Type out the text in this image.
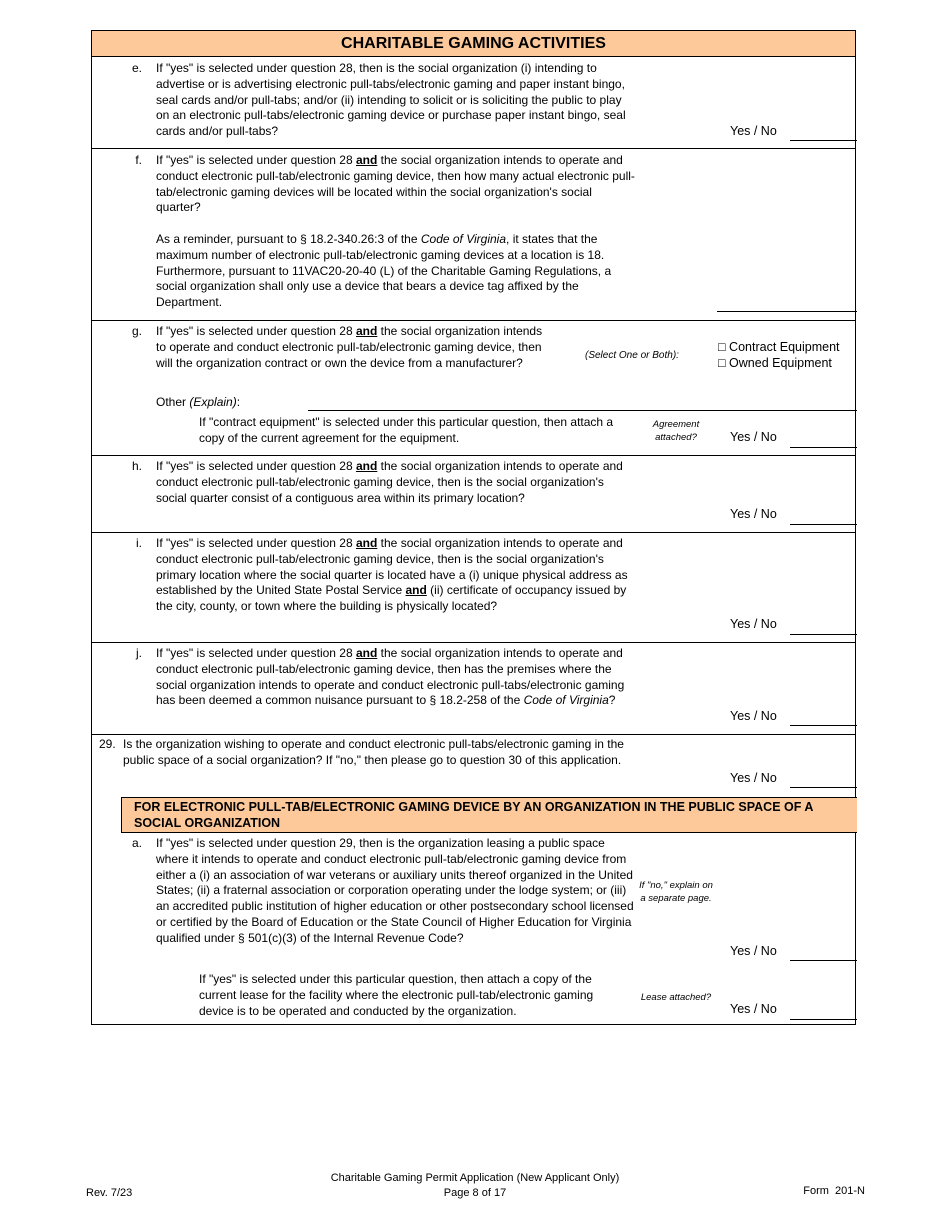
CHARITABLE GAMING ACTIVITIES
e. If "yes" is selected under question 28, then is the social organization (i) intending to advertise or is advertising electronic pull-tabs/electronic gaming and paper instant bingo, seal cards and/or pull-tabs; and/or (ii) intending to solicit or is soliciting the public to play on an electronic pull-tabs/electronic gaming device or purchase paper instant bingo, seal cards and/or pull-tabs?	Yes / No
f. If "yes" is selected under question 28 and the social organization intends to operate and conduct electronic pull-tab/electronic gaming device, then how many actual electronic pull-tab/electronic gaming devices will be located within the social organization's social quarter?
As a reminder, pursuant to § 18.2-340.26:3 of the Code of Virginia, it states that the maximum number of electronic pull-tab/electronic gaming devices at a location is 18. Furthermore, pursuant to 11VAC20-20-40 (L) of the Charitable Gaming Regulations, a social organization shall only use a device that bears a device tag affixed by the Department.
g. If "yes" is selected under question 28 and the social organization intends to operate and conduct electronic pull-tab/electronic gaming device, then will the organization contract or own the device from a manufacturer?
(Select One or Both):
□ Contract Equipment
□ Owned Equipment
Other (Explain):
If "contract equipment" is selected under this particular question, then attach a copy of the current agreement for the equipment.
Agreement attached?	Yes / No
h. If "yes" is selected under question 28 and the social organization intends to operate and conduct electronic pull-tab/electronic gaming device, then is the social organization's social quarter consist of a contiguous area within its primary location?
Yes / No
i. If "yes" is selected under question 28 and the social organization intends to operate and conduct electronic pull-tab/electronic gaming device, then is the social organization's primary location where the social quarter is located have a (i) unique physical address as established by the United State Postal Service and (ii) certificate of occupancy issued by the city, county, or town where the building is physically located?
Yes / No
j. If "yes" is selected under question 28 and the social organization intends to operate and conduct electronic pull-tab/electronic gaming device, then has the premises where the social organization intends to operate and conduct electronic pull-tabs/electronic gaming has been deemed a common nuisance pursuant to § 18.2-258 of the Code of Virginia?
Yes / No
29. Is the organization wishing to operate and conduct electronic pull-tabs/electronic gaming in the public space of a social organization? If "no," then please go to question 30 of this application.
Yes / No
FOR ELECTRONIC PULL-TAB/ELECTRONIC GAMING DEVICE BY AN ORGANIZATION IN THE PUBLIC SPACE OF A SOCIAL ORGANIZATION
a. If "yes" is selected under question 29, then is the organization leasing a public space where it intends to operate and conduct electronic pull-tab/electronic gaming device from either a (i) an association of war veterans or auxiliary units thereof organized in the United States; (ii) a fraternal association or corporation operating under the lodge system; or (iii) an accredited public institution of higher education or other postsecondary school licensed or certified by the Board of Education or the State Council of Higher Education for Virginia qualified under § 501(c)(3) of the Internal Revenue Code?
If "no," explain on a separate page.
Yes / No
If "yes" is selected under this particular question, then attach a copy of the current lease for the facility where the electronic pull-tab/electronic gaming device is to be operated and conducted by the organization.
Lease attached?
Yes / No
Rev. 7/23
Charitable Gaming Permit Application (New Applicant Only)
Page 8 of 17	Form  201-N
